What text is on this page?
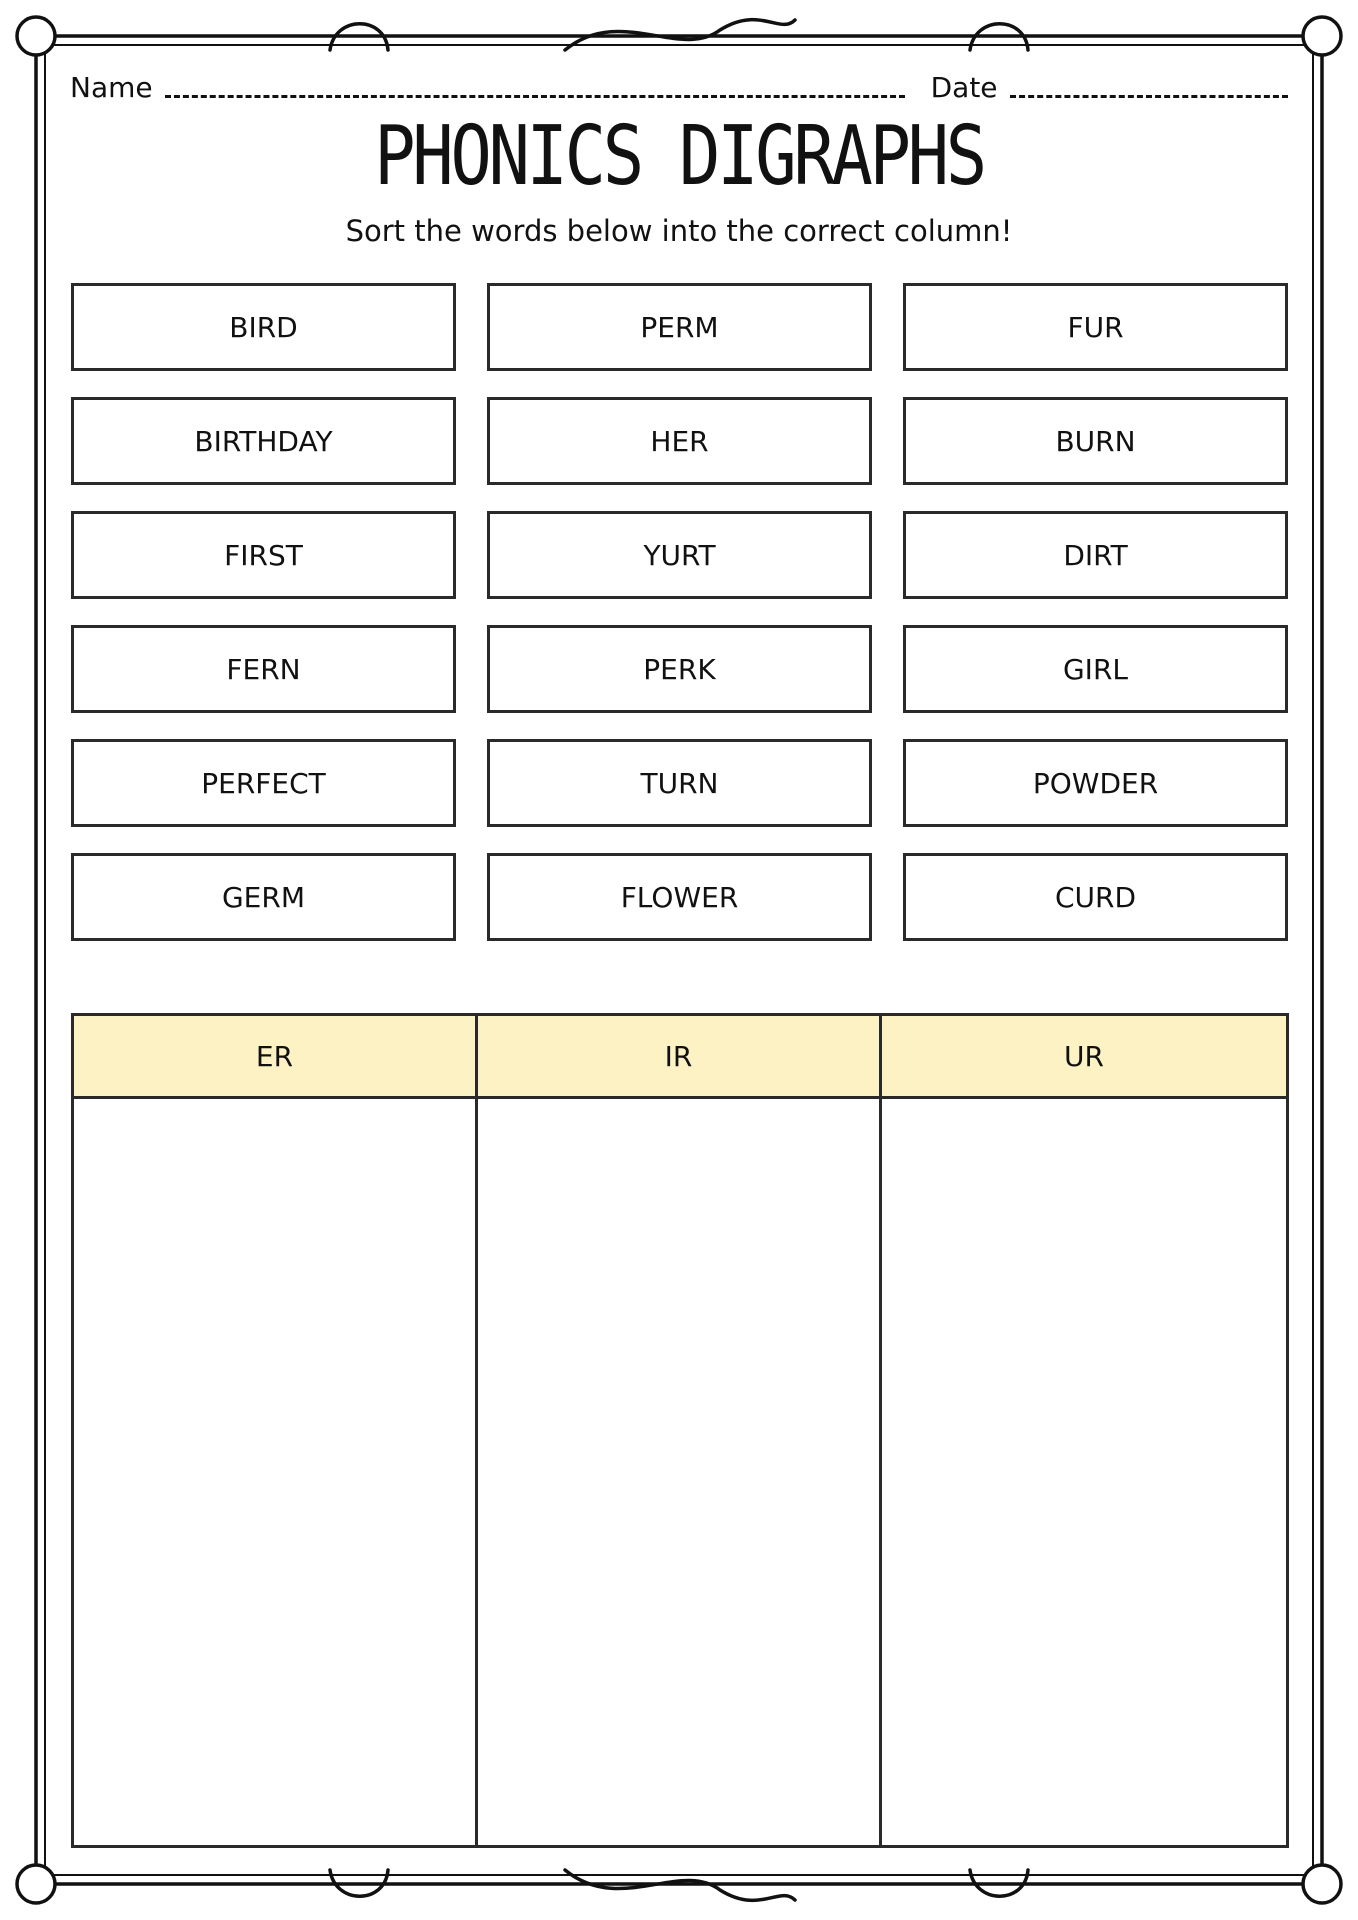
Name	Date
PHONICS DIGRAPHS
Sort the words below into the correct column!
BIRD	PERM	FUR
BIRTHDAY	HER	BURN
FIRST	YURT	DIRT
FERN	PERK	GIRL
PERFECT	TURN	POWDER
GERM	FLOWER	CURD
ER	IR	UR
